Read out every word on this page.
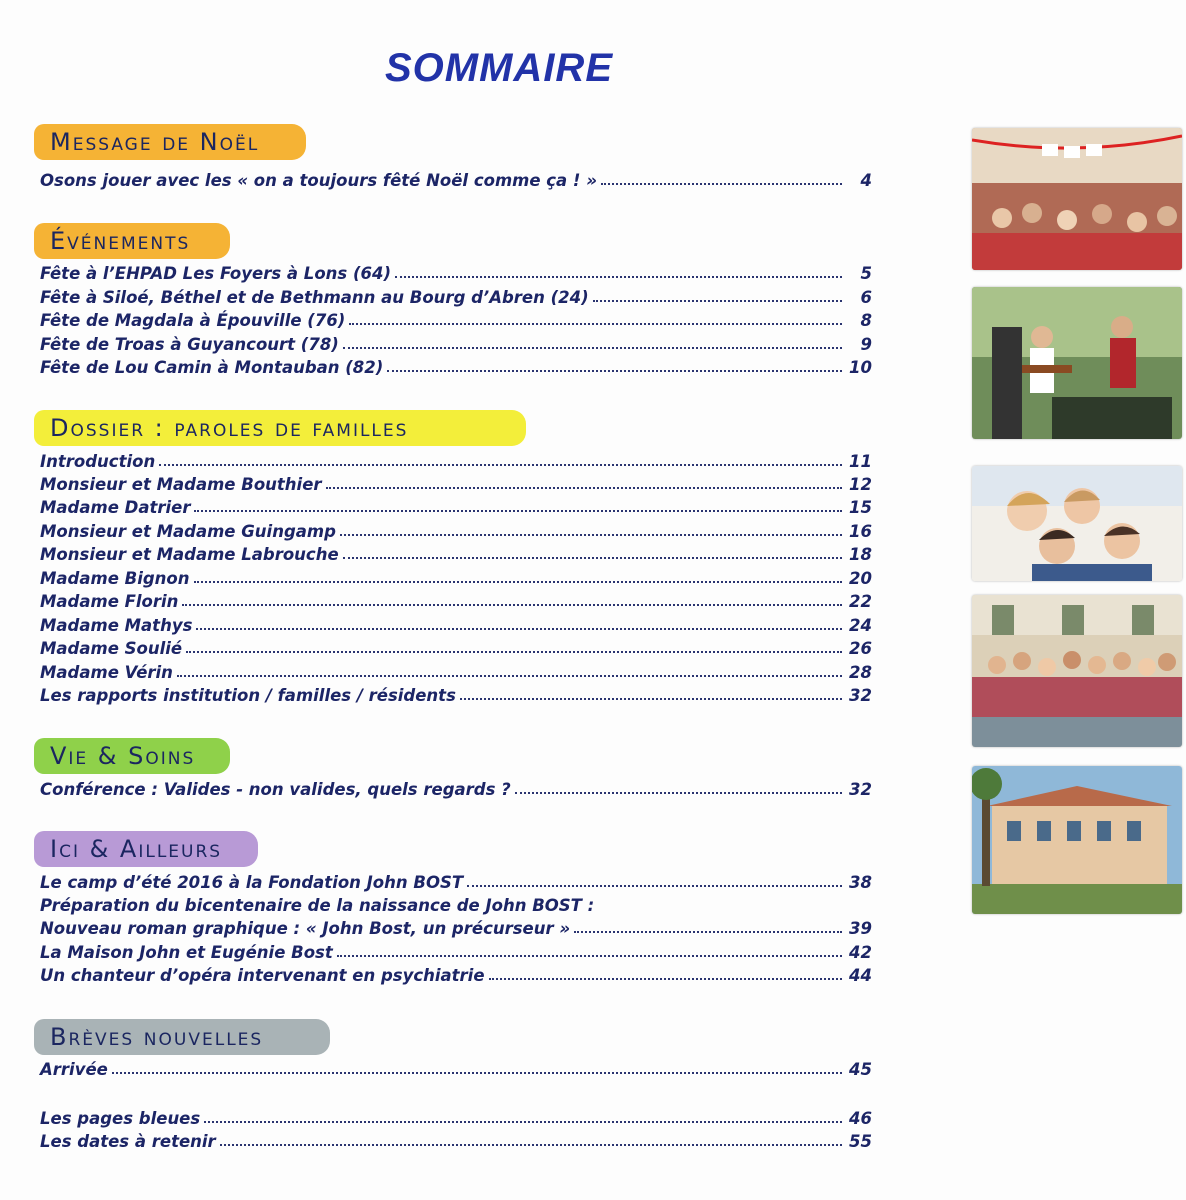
SOMMAIRE
Message de Noël
Osons jouer avec les « on a toujours fêté Noël comme ça ! »	4
Événements
Fête à l’EHPAD Les Foyers à Lons (64)	5
Fête à Siloé, Béthel et de Bethmann au Bourg d’Abren (24)	6
Fête de Magdala à Épouville (76)	8
Fête de Troas à Guyancourt (78)	9
Fête de Lou Camin à Montauban (82)	10
Dossier : paroles de familles
Introduction	11
Monsieur et Madame Bouthier	12
Madame Datrier	15
Monsieur et Madame Guingamp	16
Monsieur et Madame Labrouche	18
Madame Bignon	20
Madame Florin	22
Madame Mathys	24
Madame Soulié	26
Madame Vérin	28
Les rapports institution / familles / résidents	32
Vie & Soins
Conférence : Valides - non valides, quels regards ?	32
Ici & Ailleurs
Le camp d’été 2016 à la Fondation John BOST	38
Préparation du bicentenaire de la naissance de John BOST :
Nouveau roman graphique : « John Bost, un précurseur »	39
La Maison John et Eugénie Bost	42
Un chanteur d’opéra intervenant en psychiatrie	44
Brèves nouvelles
Arrivée	45
Les pages bleues	46
Les dates à retenir	55
